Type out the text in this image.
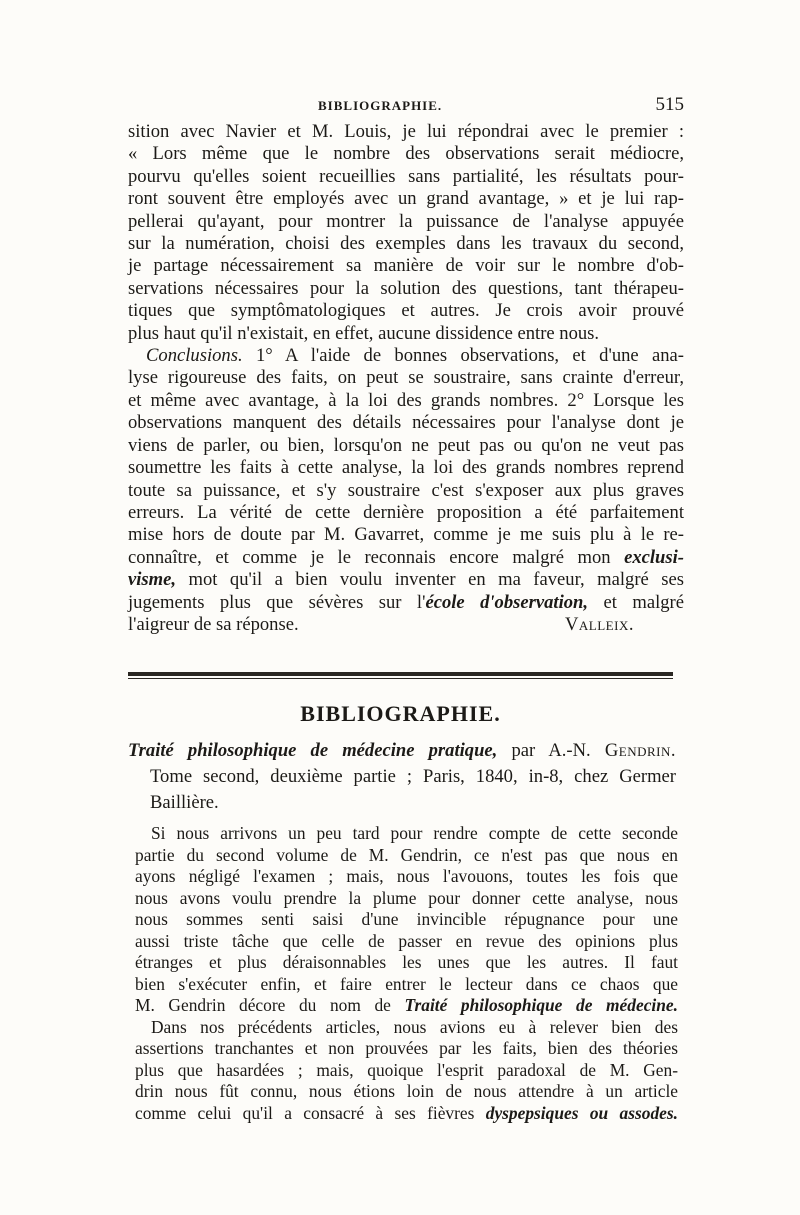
BIBLIOGRAPHIE.	515
sition avec Navier et M. Louis, je lui répondrai avec le premier :
« Lors même que le nombre des observations serait médiocre,
pourvu qu'elles soient recueillies sans partialité, les résultats pour-
ront souvent être employés avec un grand avantage, » et je lui rap-
pellerai qu'ayant, pour montrer la puissance de l'analyse appuyée
sur la numération, choisi des exemples dans les travaux du second,
je partage nécessairement sa manière de voir sur le nombre d'ob-
servations nécessaires pour la solution des questions, tant thérapeu-
tiques que symptômatologiques et autres. Je crois avoir prouvé
plus haut qu'il n'existait, en effet, aucune dissidence entre nous.
Conclusions. 1° A l'aide de bonnes observations, et d'une ana-
lyse rigoureuse des faits, on peut se soustraire, sans crainte d'erreur,
et même avec avantage, à la loi des grands nombres. 2° Lorsque les
observations manquent des détails nécessaires pour l'analyse dont je
viens de parler, ou bien, lorsqu'on ne peut pas ou qu'on ne veut pas
soumettre les faits à cette analyse, la loi des grands nombres reprend
toute sa puissance, et s'y soustraire c'est s'exposer aux plus graves
erreurs. La vérité de cette dernière proposition a été parfaitement
mise hors de doute par M. Gavarret, comme je me suis plu à le re-
connaître, et comme je le reconnais encore malgré mon exclusi-
visme, mot qu'il a bien voulu inventer en ma faveur, malgré ses
jugements plus que sévères sur l'école d'observation, et malgré
l'aigreur de sa réponse.	Valleix.
BIBLIOGRAPHIE.
Traité philosophique de médecine pratique, par A.-N. Gendrin.
Tome second, deuxième partie ; Paris, 1840, in-8, chez Germer
Baillière.
Si nous arrivons un peu tard pour rendre compte de cette seconde
partie du second volume de M. Gendrin, ce n'est pas que nous en
ayons négligé l'examen ; mais, nous l'avouons, toutes les fois que
nous avons voulu prendre la plume pour donner cette analyse, nous
nous sommes senti saisi d'une invincible répugnance pour une
aussi triste tâche que celle de passer en revue des opinions plus
étranges et plus déraisonnables les unes que les autres. Il faut
bien s'exécuter enfin, et faire entrer le lecteur dans ce chaos que
M. Gendrin décore du nom de Traité philosophique de médecine.
Dans nos précédents articles, nous avions eu à relever bien des
assertions tranchantes et non prouvées par les faits, bien des théories
plus que hasardées ; mais, quoique l'esprit paradoxal de M. Gen-
drin nous fût connu, nous étions loin de nous attendre à un article
comme celui qu'il a consacré à ses fièvres dyspepsiques ou assodes.
